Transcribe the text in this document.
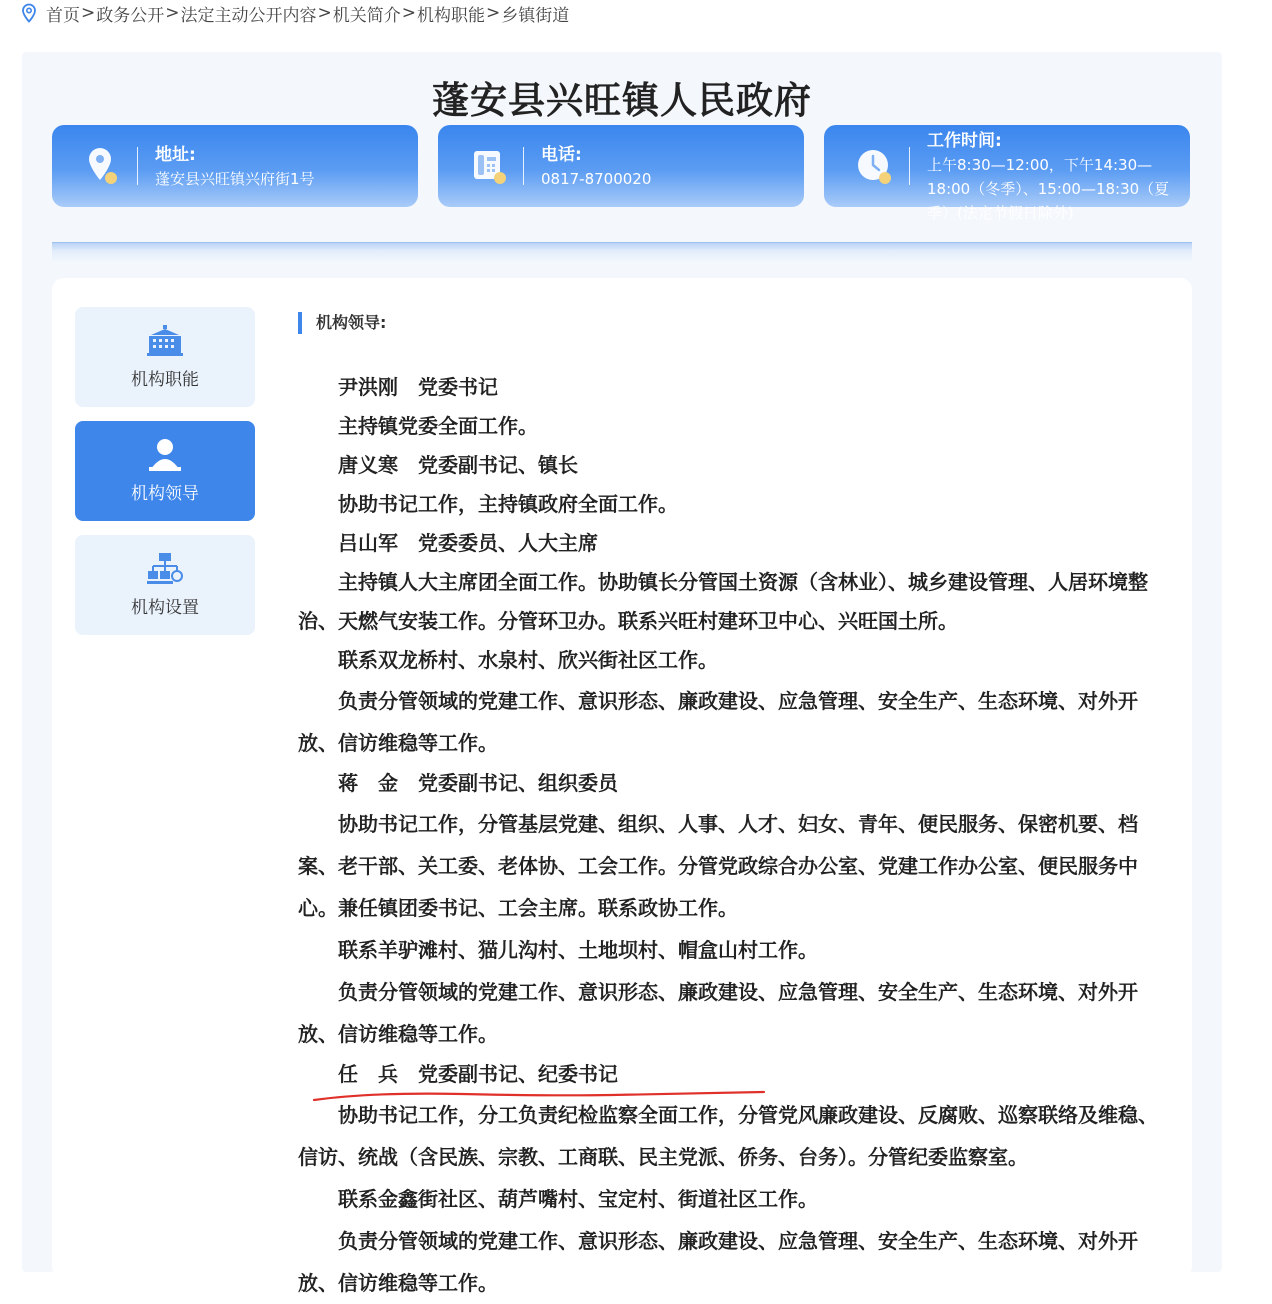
首页 > 政务公开 > 法定主动公开内容 > 机关简介 > 机构职能 > 乡镇街道
蓬安县兴旺镇人民政府
地址:
蓬安县兴旺镇兴府街1号
电话:
0817-8700020
工作时间:
上午8:30—12:00，下午14:30—
18:00（冬季）、15:00—18:30（夏
季）(法定节假日除外)
机构职能
机构领导
机构设置
机构领导:

尹洪刚　党委书记

主持镇党委全面工作。

唐义寒　党委副书记、镇长

协助书记工作，主持镇政府全面工作。

吕山军　党委委员、人大主席

主持镇人大主席团全面工作。协助镇长分管国土资源（含林业）、城乡建设管理、人居环境整治、天燃气安装工作。分管环卫办。联系兴旺村建环卫中心、兴旺国土所。

联系双龙桥村、水泉村、欣兴街社区工作。

负责分管领域的党建工作、意识形态、廉政建设、应急管理、安全生产、生态环境、对外开放、信访维稳等工作。

蒋　金　党委副书记、组织委员

协助书记工作，分管基层党建、组织、人事、人才、妇女、青年、便民服务、保密机要、档案、老干部、关工委、老体协、工会工作。分管党政综合办公室、党建工作办公室、便民服务中心。兼任镇团委书记、工会主席。联系政协工作。

联系羊驴滩村、猫儿沟村、土地坝村、帽盒山村工作。

负责分管领域的党建工作、意识形态、廉政建设、应急管理、安全生产、生态环境、对外开放、信访维稳等工作。

任　兵　党委副书记、纪委书记

协助书记工作，分工负责纪检监察全面工作，分管党风廉政建设、反腐败、巡察联络及维稳、信访、统战（含民族、宗教、工商联、民主党派、侨务、台务）。分管纪委监察室。

联系金鑫街社区、葫芦嘴村、宝定村、街道社区工作。

负责分管领域的党建工作、意识形态、廉政建设、应急管理、安全生产、生态环境、对外开放、信访维稳等工作。
